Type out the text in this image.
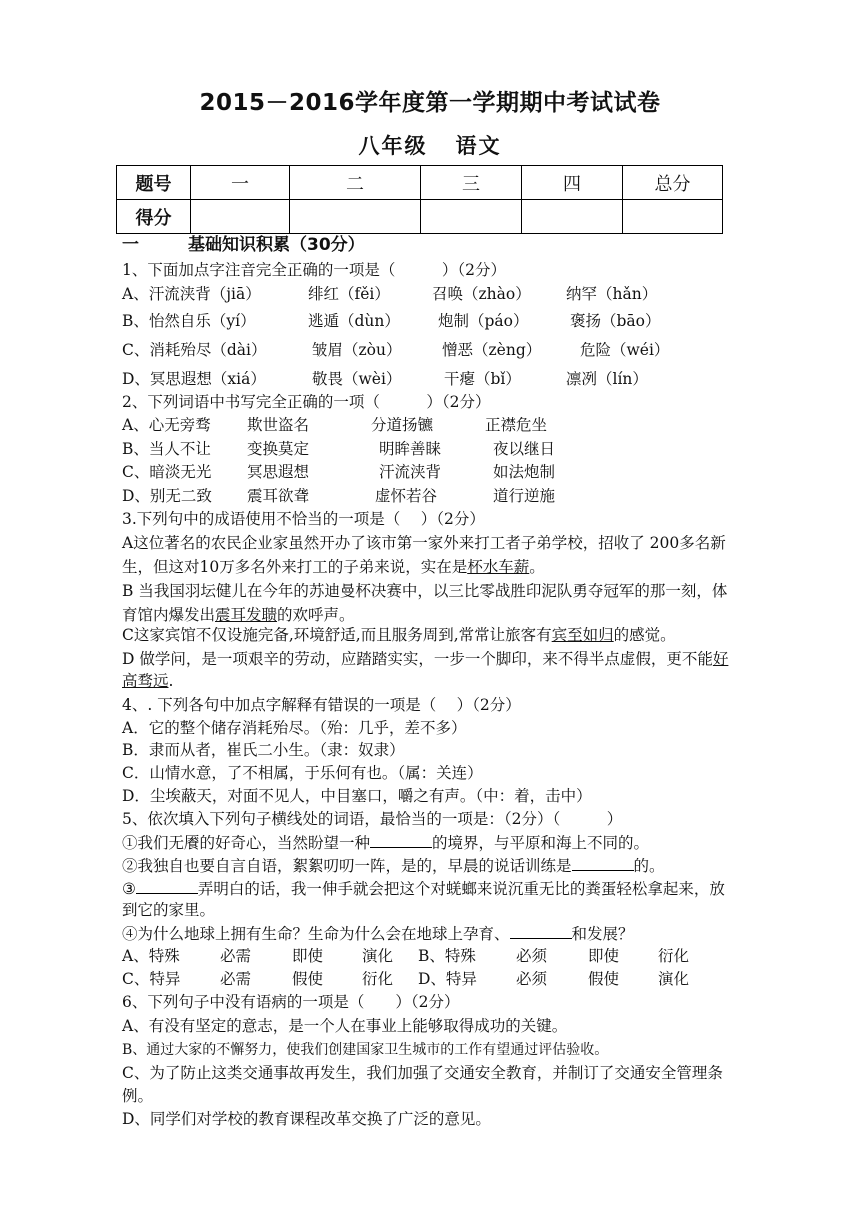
2015－2016学年度第一学期期中考试试卷
八年级 语文
题号	一	二	三	四	总分
得分					
一	基础知识积累（30分）
1、下面加点字注音完全正确的一项是（　　　）（2分）
A、汗流浃背（jiā）	绯红（fěi）	召唤（zhào） 纳罕（hǎn）
B、怡然自乐（yí）	逃遁（dùn） 炮制（páo）	褒扬（bāo）
C、消耗殆尽（dài）	皱眉（zòu）	憎恶（zèng）	危险（wéi）
D、冥思遐想（xiá）	敬畏（wèi）	干瘪（bǐ）	凛冽（lín）
2、下列词语中书写完全正确的一项（　　　）（2分）
A、心无旁骛 欺世盗名	分道扬镳	正襟危坐
B、当人不让 变换莫定	明眸善睐	夜以继日
C、暗淡无光 冥思遐想	汗流浃背	如法炮制
D、别无二致 震耳欲聋	虚怀若谷	道行逆施
3.下列句中的成语使用不恰当的一项是（　 ）（2分）
A这位著名的农民企业家虽然开办了该市第一家外来打工者子弟学校，招收了 200多名新
生，但这对10万多名外来打工的子弟来说，实在是杯水车薪。
B 当我国羽坛健儿在今年的苏迪曼杯决赛中，以三比零战胜印泥队勇夺冠军的那一刻，体
育馆内爆发出震耳发聩的欢呼声。
C这家宾馆不仅设施完备,环境舒适,而且服务周到,常常让旅客有宾至如归的感觉。
D 做学问，是一项艰辛的劳动，应踏踏实实，一步一个脚印，来不得半点虚假，更不能好
高骛远.
4、. 下列各句中加点字解释有错误的一项是（　 ）（2分）
A．它的整个储存消耗殆尽。（殆：几乎，差不多）
B．隶而从者，崔氏二小生。（隶：奴隶）
C．山情水意，了不相属，于乐何有也。（属：关连）
D．尘埃蔽天，对面不见人，中目塞口，嚼之有声。（中：着，击中）
5、依次填入下列句子横线处的词语，最恰当的一项是：（2分）（　　　）
①我们无餍的好奇心，当然盼望一种	的境界，与平原和海上不同的。
②我独自也要自言自语，絮絮叨叨一阵，是的，早晨的说话训练是	的。
③	弄明白的话，我一伸手就会把这个对蜣螂来说沉重无比的粪蛋轻松拿起来，放
到它的家里。
④为什么地球上拥有生命？生命为什么会在地球上孕育、	和发展？
A、特殊	必需	即使	演化 B、特殊	必须	即使	衍化
C、特异	必需	假使	衍化 D、特异	必须	假使	演化
6、下列句子中没有语病的一项是（　　）（2分）
A、有没有坚定的意志，是一个人在事业上能够取得成功的关键。
B、通过大家的不懈努力，使我们创建国家卫生城市的工作有望通过评估验收。
C、为了防止这类交通事故再发生，我们加强了交通安全教育，并制订了交通安全管理条
例。
D、同学们对学校的教育课程改革交换了广泛的意见。
